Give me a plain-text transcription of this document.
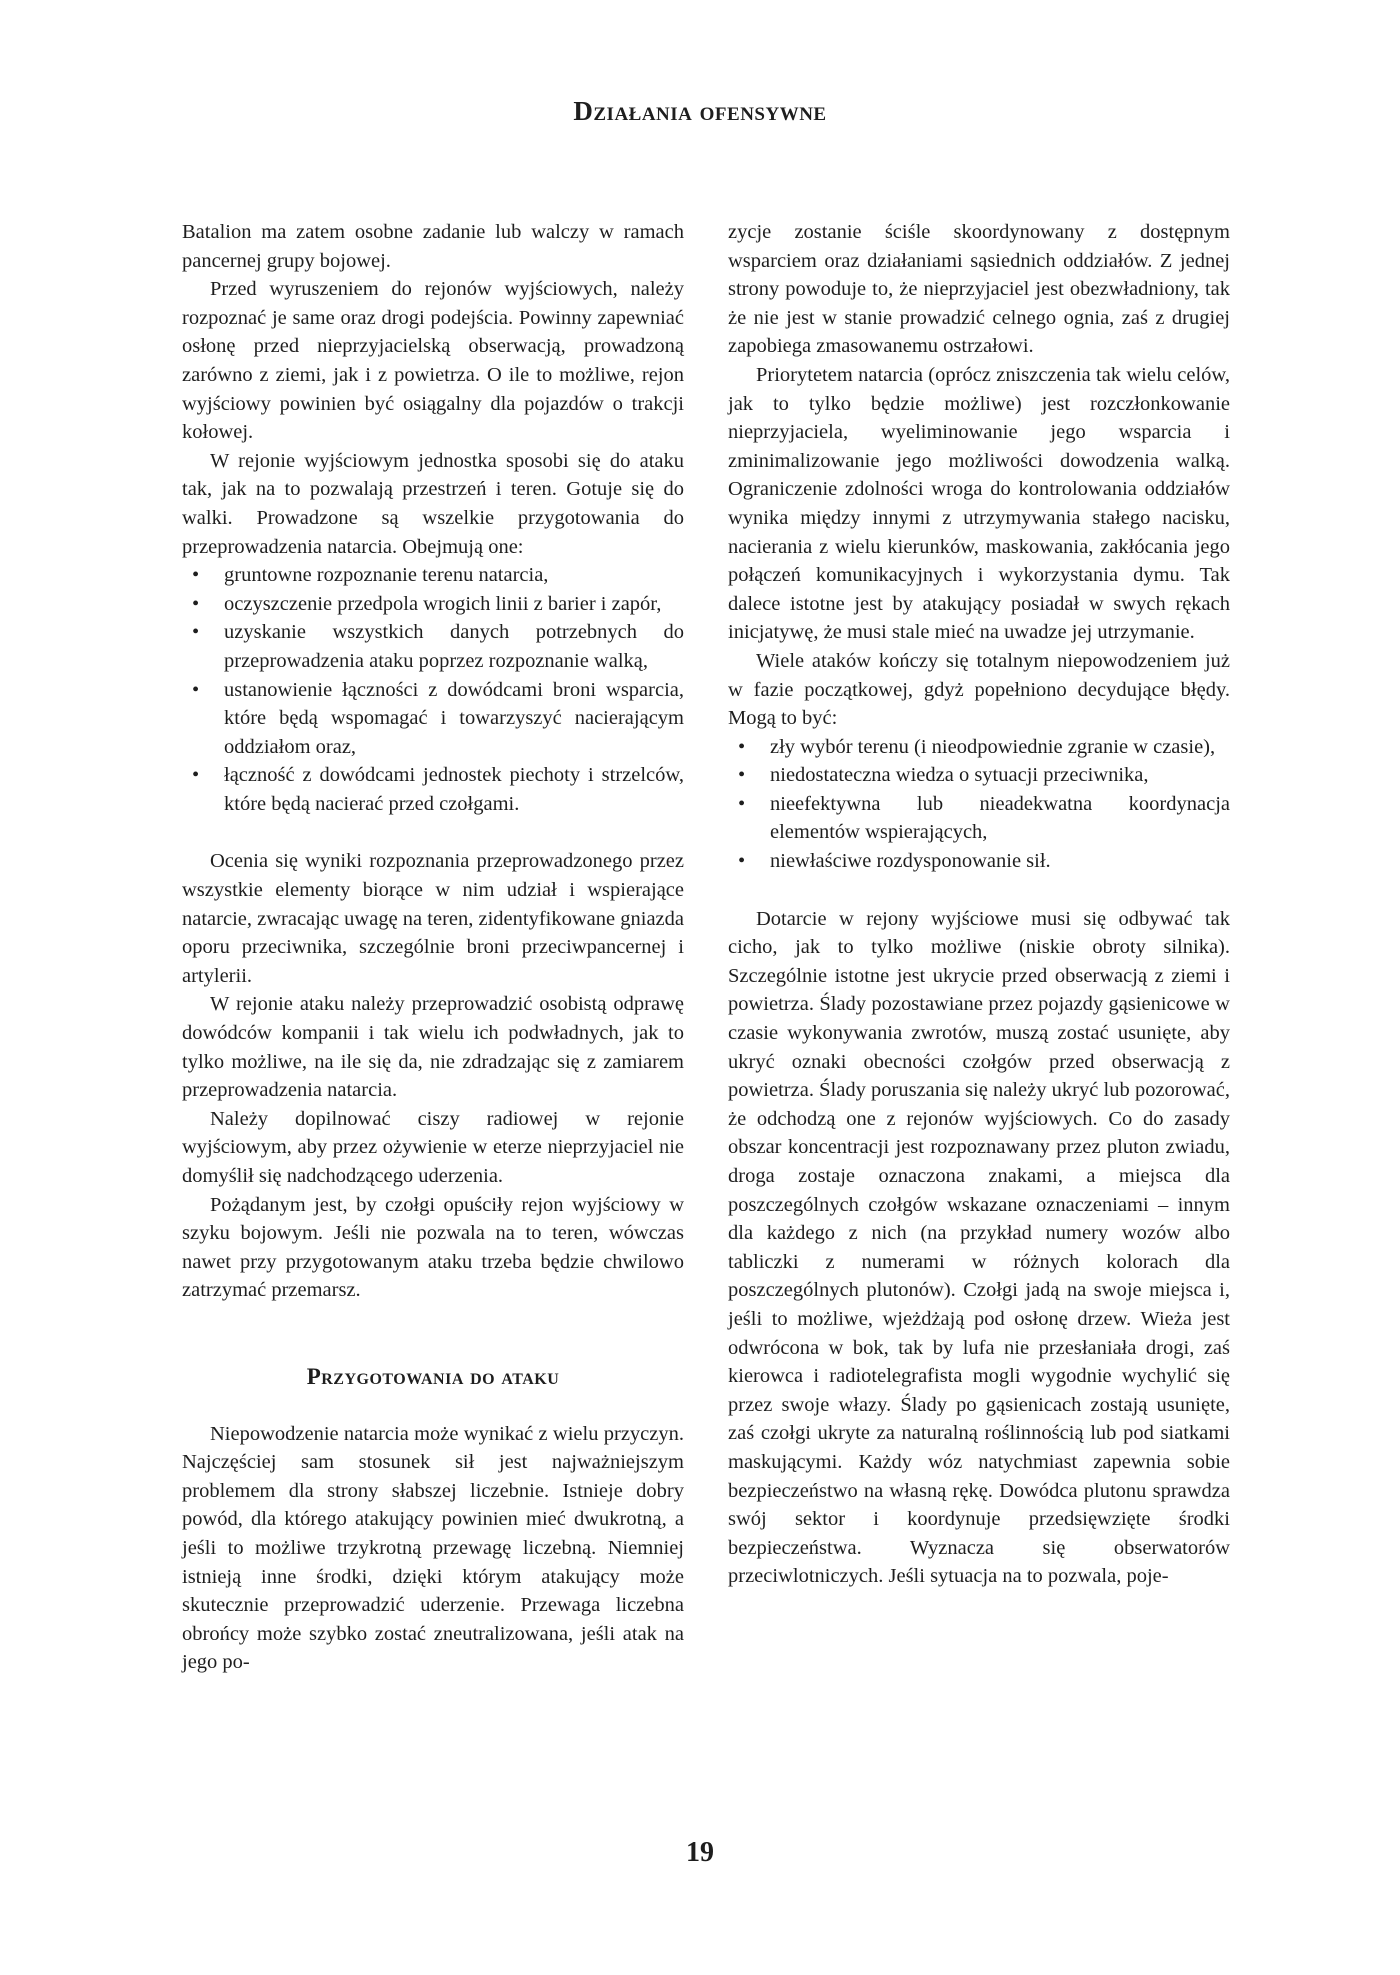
Działania ofensywne

Batalion ma zatem osobne zadanie lub walczy w ramach pancernej grupy bojowej.

Przed wyruszeniem do rejonów wyjściowych, należy rozpoznać je same oraz drogi podejścia. Powinny zapewniać osłonę przed nieprzyjacielską obserwacją, prowadzoną zarówno z ziemi, jak i z powietrza. O ile to możliwe, rejon wyjściowy powinien być osiągalny dla pojazdów o trakcji kołowej.

W rejonie wyjściowym jednostka sposobi się do ataku tak, jak na to pozwalają przestrzeń i teren. Gotuje się do walki. Prowadzone są wszelkie przygotowania do przeprowadzenia natarcia. Obejmują one:

• gruntowne rozpoznanie terenu natarcia,
• oczyszczenie przedpola wrogich linii z barier i zapór,
• uzyskanie wszystkich danych potrzebnych do przeprowadzenia ataku poprzez rozpoznanie walką,
• ustanowienie łączności z dowódcami broni wsparcia, które będą wspomagać i towarzyszyć nacierającym oddziałom oraz,
• łączność z dowódcami jednostek piechoty i strzelców, które będą nacierać przed czołgami.

Ocenia się wyniki rozpoznania przeprowadzonego przez wszystkie elementy biorące w nim udział i wspierające natarcie, zwracając uwagę na teren, zidentyfikowane gniazda oporu przeciwnika, szczególnie broni przeciwpancernej i artylerii.

W rejonie ataku należy przeprowadzić osobistą odprawę dowódców kompanii i tak wielu ich podwładnych, jak to tylko możliwe, na ile się da, nie zdradzając się z zamiarem przeprowadzenia natarcia.

Należy dopilnować ciszy radiowej w rejonie wyjściowym, aby przez ożywienie w eterze nieprzyjaciel nie domyślił się nadchodzącego uderzenia.

Pożądanym jest, by czołgi opuściły rejon wyjściowy w szyku bojowym. Jeśli nie pozwala na to teren, wówczas nawet przy przygotowanym ataku trzeba będzie chwilowo zatrzymać przemarsz.

Przygotowania do ataku

Niepowodzenie natarcia może wynikać z wielu przyczyn. Najczęściej sam stosunek sił jest najważniejszym problemem dla strony słabszej liczebnie. Istnieje dobry powód, dla którego atakujący powinien mieć dwukrotną, a jeśli to możliwe trzykrotną przewagę liczebną. Niemniej istnieją inne środki, dzięki którym atakujący może skutecznie przeprowadzić uderzenie. Przewaga liczebna obrońcy może szybko zostać zneutralizowana, jeśli atak na jego po-

zycje zostanie ściśle skoordynowany z dostępnym wsparciem oraz działaniami sąsiednich oddziałów. Z jednej strony powoduje to, że nieprzyjaciel jest obezwładniony, tak że nie jest w stanie prowadzić celnego ognia, zaś z drugiej zapobiega zmasowanemu ostrzałowi.

Priorytetem natarcia (oprócz zniszczenia tak wielu celów, jak to tylko będzie możliwe) jest rozczłonkowanie nieprzyjaciela, wyeliminowanie jego wsparcia i zminimalizowanie jego możliwości dowodzenia walką. Ograniczenie zdolności wroga do kontrolowania oddziałów wynika między innymi z utrzymywania stałego nacisku, nacierania z wielu kierunków, maskowania, zakłócania jego połączeń komunikacyjnych i wykorzystania dymu. Tak dalece istotne jest by atakujący posiadał w swych rękach inicjatywę, że musi stale mieć na uwadze jej utrzymanie.

Wiele ataków kończy się totalnym niepowodzeniem już w fazie początkowej, gdyż popełniono decydujące błędy. Mogą to być:

• zły wybór terenu (i nieodpowiednie zgranie w czasie),
• niedostateczna wiedza o sytuacji przeciwnika,
• nieefektywna lub nieadekwatna koordynacja elementów wspierających,
• niewłaściwe rozdysponowanie sił.

Dotarcie w rejony wyjściowe musi się odbywać tak cicho, jak to tylko możliwe (niskie obroty silnika). Szczególnie istotne jest ukrycie przed obserwacją z ziemi i powietrza. Ślady pozostawiane przez pojazdy gąsienicowe w czasie wykonywania zwrotów, muszą zostać usunięte, aby ukryć oznaki obecności czołgów przed obserwacją z powietrza. Ślady poruszania się należy ukryć lub pozorować, że odchodzą one z rejonów wyjściowych. Co do zasady obszar koncentracji jest rozpoznawany przez pluton zwiadu, droga zostaje oznaczona znakami, a miejsca dla poszczególnych czołgów wskazane oznaczeniami – innym dla każdego z nich (na przykład numery wozów albo tabliczki z numerami w różnych kolorach dla poszczególnych plutonów). Czołgi jadą na swoje miejsca i, jeśli to możliwe, wjeżdżają pod osłonę drzew. Wieża jest odwrócona w bok, tak by lufa nie przesłaniała drogi, zaś kierowca i radiotelegrafista mogli wygodnie wychylić się przez swoje włazy. Ślady po gąsienicach zostają usunięte, zaś czołgi ukryte za naturalną roślinnością lub pod siatkami maskującymi. Każdy wóz natychmiast zapewnia sobie bezpieczeństwo na własną rękę. Dowódca plutonu sprawdza swój sektor i koordynuje przedsięwzięte środki bezpieczeństwa. Wyznacza się obserwatorów przeciwlotniczych. Jeśli sytuacja na to pozwala, poje-

19
